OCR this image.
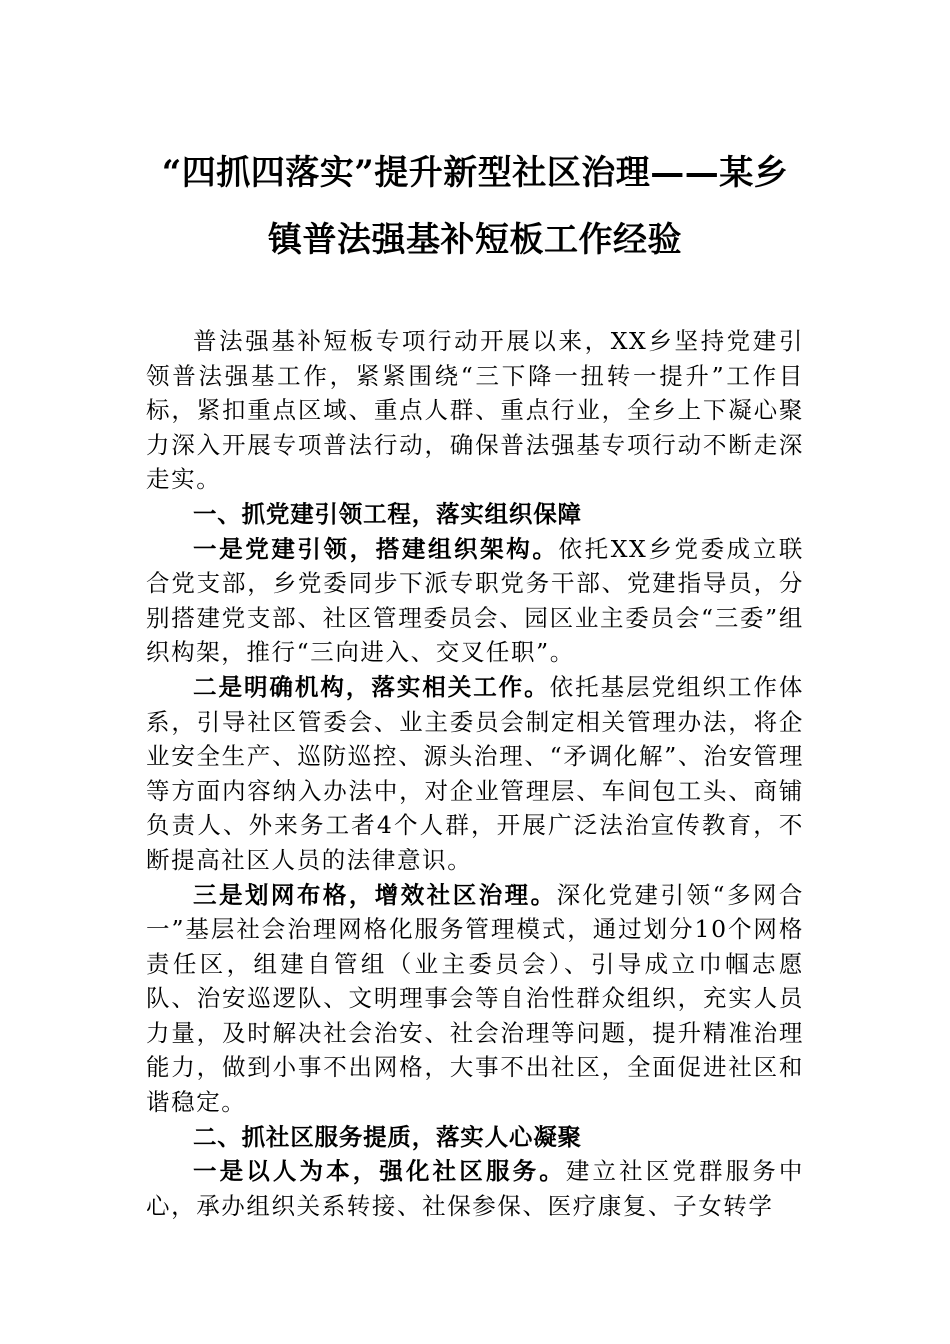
“四抓四落实”提升新型社区治理——某乡镇普法强基补短板工作经验

普法强基补短板专项行动开展以来，XX乡坚持党建引领普法强基工作，紧紧围绕“三下降一扭转一提升”工作目标，紧扣重点区域、重点人群、重点行业，全乡上下凝心聚力深入开展专项普法行动，确保普法强基专项行动不断走深走实。

一、抓党建引领工程，落实组织保障

一是党建引领，搭建组织架构。依托XX乡党委成立联合党支部，乡党委同步下派专职党务干部、党建指导员，分别搭建党支部、社区管理委员会、园区业主委员会“三委”组织构架，推行“三向进入、交叉任职”。

二是明确机构，落实相关工作。依托基层党组织工作体系，引导社区管委会、业主委员会制定相关管理办法，将企业安全生产、巡防巡控、源头治理、“矛调化解”、治安管理等方面内容纳入办法中，对企业管理层、车间包工头、商铺负责人、外来务工者4个人群，开展广泛法治宣传教育，不断提高社区人员的法律意识。

三是划网布格，增效社区治理。深化党建引领“多网合一”基层社会治理网格化服务管理模式，通过划分10个网格责任区，组建自管组（业主委员会）、引导成立巾帼志愿队、治安巡逻队、文明理事会等自治性群众组织，充实人员力量，及时解决社会治安、社会治理等问题，提升精准治理能力，做到小事不出网格，大事不出社区，全面促进社区和谐稳定。

二、抓社区服务提质，落实人心凝聚

一是以人为本，强化社区服务。建立社区党群服务中心，承办组织关系转接、社保参保、医疗康复、子女转学
